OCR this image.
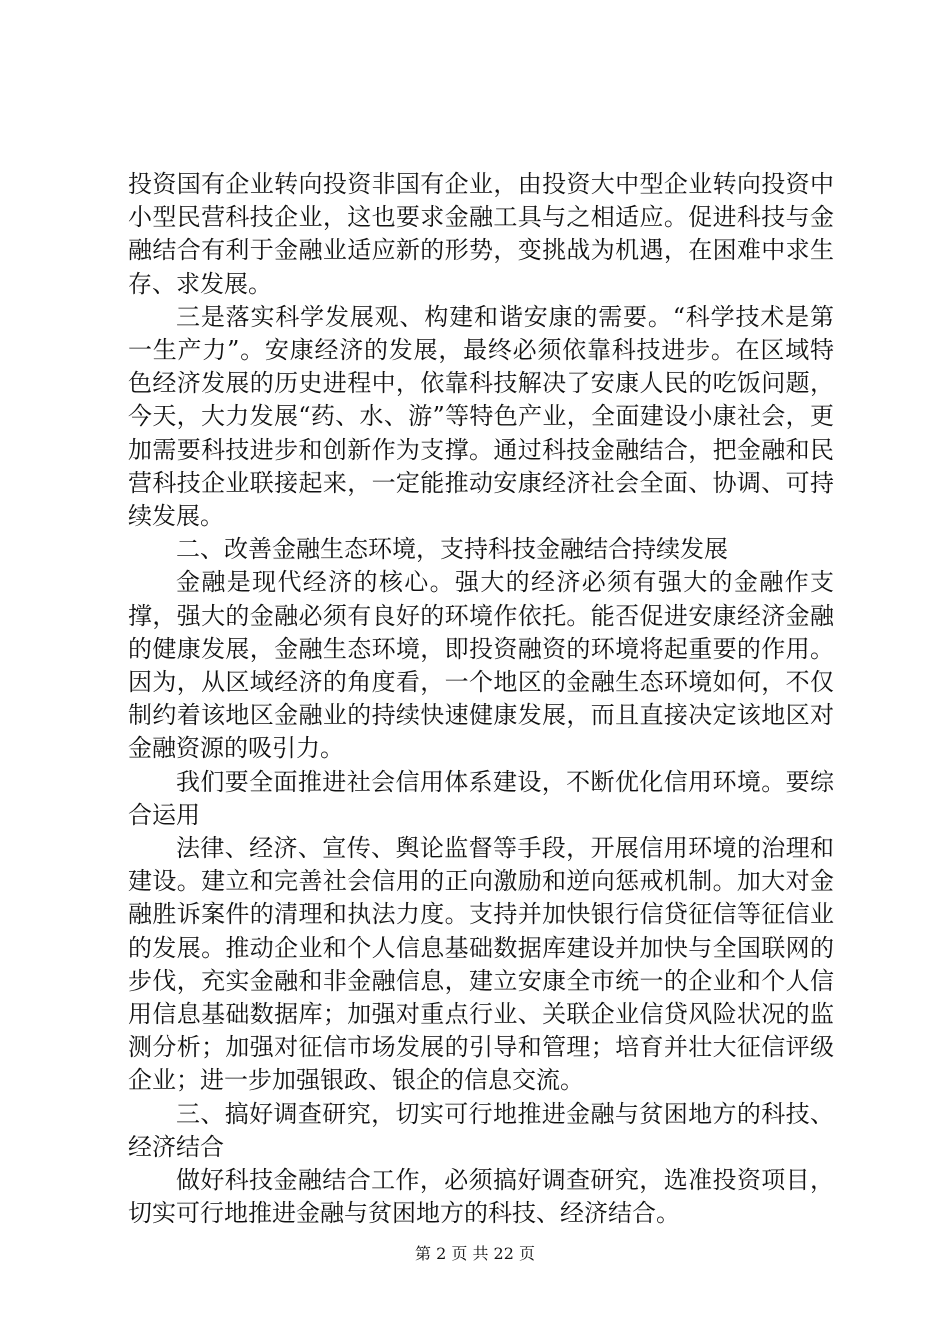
投资国有企业转向投资非国有企业，由投资大中型企业转向投资中小型民营科技企业，这也要求金融工具与之相适应。促进科技与金融结合有利于金融业适应新的形势，变挑战为机遇，在困难中求生存、求发展。

三是落实科学发展观、构建和谐安康的需要。“科学技术是第一生产力”。安康经济的发展，最终必须依靠科技进步。在区域特色经济发展的历史进程中，依靠科技解决了安康人民的吃饭问题，今天，大力发展“药、水、游”等特色产业，全面建设小康社会，更加需要科技进步和创新作为支撑。通过科技金融结合，把金融和民营科技企业联接起来，一定能推动安康经济社会全面、协调、可持续发展。

二、改善金融生态环境，支持科技金融结合持续发展

金融是现代经济的核心。强大的经济必须有强大的金融作支撑，强大的金融必须有良好的环境作依托。能否促进安康经济金融的健康发展，金融生态环境，即投资融资的环境将起重要的作用。因为，从区域经济的角度看，一个地区的金融生态环境如何，不仅制约着该地区金融业的持续快速健康发展，而且直接决定该地区对金融资源的吸引力。

我们要全面推进社会信用体系建设，不断优化信用环境。要综合运用

法律、经济、宣传、舆论监督等手段，开展信用环境的治理和建设。建立和完善社会信用的正向激励和逆向惩戒机制。加大对金融胜诉案件的清理和执法力度。支持并加快银行信贷征信等征信业的发展。推动企业和个人信息基础数据库建设并加快与全国联网的步伐，充实金融和非金融信息，建立安康全市统一的企业和个人信用信息基础数据库；加强对重点行业、关联企业信贷风险状况的监测分析；加强对征信市场发展的引导和管理；培育并壮大征信评级企业；进一步加强银政、银企的信息交流。

三、搞好调查研究，切实可行地推进金融与贫困地方的科技、经济结合

做好科技金融结合工作，必须搞好调查研究，选准投资项目，切实可行地推进金融与贫困地方的科技、经济结合。

第 2 页 共 22 页
